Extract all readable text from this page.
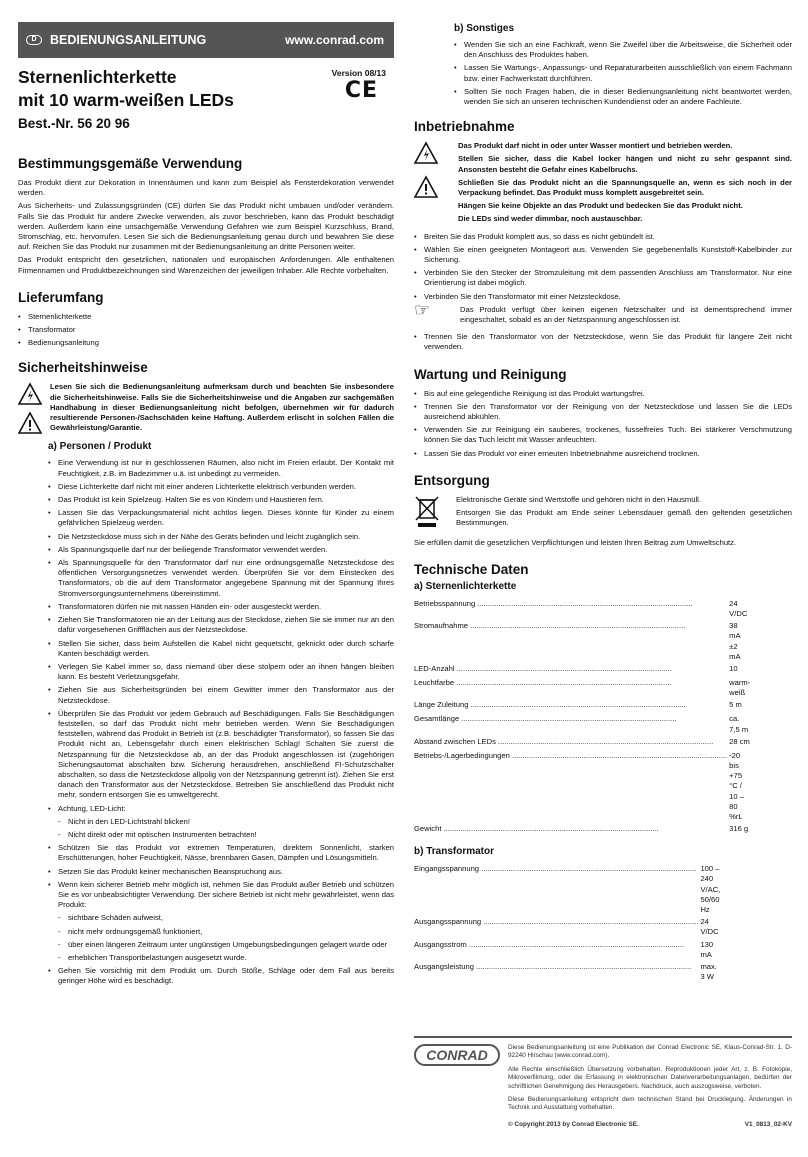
D	BEDIENUNGSANLEITUNG	www.conrad.com
Sternenlichterkette
mit 10 warm-weißen LEDs
Best.-Nr. 56 20 96
Version 08/13
CE
Bestimmungsgemäße Verwendung

Das Produkt dient zur Dekoration in Innenräumen und kann zum Beispiel als Fensterdekoration verwendet werden.

Aus Sicherheits- und Zulassungsgründen (CE) dürfen Sie das Produkt nicht umbauen und/oder verändern. Falls Sie das Produkt für andere Zwecke verwenden, als zuvor beschrieben, kann das Produkt beschädigt werden. Außerdem kann eine unsachgemäße Verwendung Gefahren wie zum Beispiel Kurzschluss, Brand, Stromschlag, etc. hervorrufen. Lesen Sie sich die Bedienungsanleitung genau durch und bewahren Sie diese auf. Reichen Sie das Produkt nur zusammen mit der Bedienungsanleitung an dritte Personen weiter.

Das Produkt entspricht den gesetzlichen, nationalen und europäischen Anforderungen. Alle enthaltenen Firmennamen und Produktbezeichnungen sind Warenzeichen der jeweiligen Inhaber. Alle Rechte vorbehalten.

Lieferumfang
• Sternenlichterkette
• Transformator
• Bedienungsanleitung
Sicherheitshinweise

Lesen Sie sich die Bedienungsanleitung aufmerksam durch und beachten Sie insbesondere die Sicherheitshinweise. Falls Sie die Sicherheitshinweise und die Angaben zur sachgemäßen Handhabung in dieser Bedienungsanleitung nicht befolgen, übernehmen wir für dadurch resultierende Personen-/Sachschäden keine Haftung. Außerdem erlischt in solchen Fällen die Gewährleistung/Garantie.

a) Personen / Produkt
• Eine Verwendung ist nur in geschlossenen Räumen, also nicht im Freien erlaubt. Der Kontakt mit Feuchtigkeit, z.B. im Badezimmer u.ä. ist unbedingt zu vermeiden.
• Diese Lichterkette darf nicht mit einer anderen Lichterkette elektrisch verbunden werden.
• Das Produkt ist kein Spielzeug. Halten Sie es von Kindern und Haustieren fern.
• Lassen Sie das Verpackungsmaterial nicht achtlos liegen. Dieses könnte für Kinder zu einem gefährlichen Spielzeug werden.
• Die Netzsteckdose muss sich in der Nähe des Geräts befinden und leicht zugänglich sein.
• Als Spannungsquelle darf nur der beiliegende Transformator verwendet werden.
• Als Spannungsquelle für den Transformator darf nur eine ordnungsgemäße Netzsteckdose des öffentlichen Versorgungsnetzes verwendet werden. Überprüfen Sie vor dem Einstecken des Transformators, ob die auf dem Transformator angegebene Spannung mit der Spannung Ihres Stromversorgungsunternehmens übereinstimmt.
• Transformatoren dürfen nie mit nassen Händen ein- oder ausgesteckt werden.
• Ziehen Sie Transformatoren nie an der Leitung aus der Steckdose, ziehen Sie sie immer nur an den dafür vorgesehenen Griffflächen aus der Netzsteckdose.
• Stellen Sie sicher, dass beim Aufstellen die Kabel nicht gequetscht, geknickt oder durch scharfe Kanten beschädigt werden.
• Verlegen Sie Kabel immer so, dass niemand über diese stolpern oder an ihnen hängen bleiben kann. Es besteht Verletzungsgefahr.
• Ziehen Sie aus Sicherheitsgründen bei einem Gewitter immer den Transformator aus der Netzsteckdose.
• Überprüfen Sie das Produkt vor jedem Gebrauch auf Beschädigungen. Falls Sie Beschädigungen feststellen, so darf das Produkt nicht mehr betrieben werden. Wenn Sie Beschädigungen feststellen, während das Produkt in Betrieb ist (z.B. beschädigter Transformator), so fassen Sie das Produkt nicht an, Lebensgefahr durch einen elektrischen Schlag! Schalten Sie zuerst die Netzspannung für die Netzsteckdose ab, an der das Produkt angeschlossen ist (zugehörigen Sicherungsautomat abschalten bzw. Sicherung herausdrehen, anschließend FI-Schutzschalter abschalten, so dass die Netzsteckdose allpolig von der Netzspannung getrennt ist). Ziehen Sie erst danach den Transformator aus der Netzsteckdose. Betreiben Sie anschließend das Produkt nicht mehr, sondern entsorgen Sie es umweltgerecht.
• Achtung, LED-Licht:
- Nicht in den LED-Lichtstrahl blicken!
- Nicht direkt oder mit optischen Instrumenten betrachten!
• Schützen Sie das Produkt vor extremen Temperaturen, direktem Sonnenlicht, starken Erschütterungen, hoher Feuchtigkeit, Nässe, brennbaren Gasen, Dämpfen und Lösungsmitteln.
• Setzen Sie das Produkt keiner mechanischen Beanspruchung aus.
• Wenn kein sicherer Betrieb mehr möglich ist, nehmen Sie das Produkt außer Betrieb und schützen Sie es vor unbeabsichtigter Verwendung. Der sichere Betrieb ist nicht mehr gewährleistet, wenn das Produkt:
- sichtbare Schäden aufweist,
- nicht mehr ordnungsgemäß funktioniert,
- über einen längeren Zeitraum unter ungünstigen Umgebungsbedingungen gelagert wurde oder
- erheblichen Transportbelastungen ausgesetzt wurde.
• Gehen Sie vorsichtig mit dem Produkt um. Durch Stöße, Schläge oder dem Fall aus bereits geringer Höhe wird es beschädigt.
b) Sonstiges
• Wenden Sie sich an eine Fachkraft, wenn Sie Zweifel über die Arbeitsweise, die Sicherheit oder den Anschluss des Produktes haben.
• Lassen Sie Wartungs-, Anpassungs- und Reparaturarbeiten ausschließlich von einem Fachmann bzw. einer Fachwerkstatt durchführen.
• Sollten Sie noch Fragen haben, die in dieser Bedienungsanleitung nicht beantwortet werden, wenden Sie sich an unseren technischen Kundendienst oder an andere Fachleute.
Inbetriebnahme

Das Produkt darf nicht in oder unter Wasser montiert und betrieben werden.

Stellen Sie sicher, dass die Kabel locker hängen und nicht zu sehr gespannt sind. Ansonsten besteht die Gefahr eines Kabelbruchs.

Schließen Sie das Produkt nicht an die Spannungsquelle an, wenn es sich noch in der Verpackung befindet. Das Produkt muss komplett ausgebreitet sein.

Hängen Sie keine Objekte an das Produkt und bedecken Sie das Produkt nicht.

Die LEDs sind weder dimmbar, noch austauschbar.

• Breiten Sie das Produkt komplett aus, so dass es nicht gebündelt ist.
• Wählen Sie einen geeigneten Montageort aus. Verwenden Sie gegebenenfalls Kunststoff-Kabelbinder zur Sicherung.
• Verbinden Sie den Stecker der Stromzuleitung mit dem passenden Anschluss am Transformator. Nur eine Orientierung ist dabei möglich.
• Verbinden Sie den Transformator mit einer Netzsteckdose.
☞	Das Produkt verfügt über keinen eigenen Netzschalter und ist dementsprechend immer eingeschaltet, sobald es an der Netzspannung angeschlossen ist.

• Trennen Sie den Transformator von der Netzsteckdose, wenn Sie das Produkt für längere Zeit nicht verwenden.
Wartung und Reinigung
• Bis auf eine gelegentliche Reinigung ist das Produkt wartungsfrei.
• Trennen Sie den Transformator vor der Reinigung von der Netzsteckdose und lassen Sie die LEDs ausreichend abkühlen.
• Verwenden Sie zur Reinigung ein sauberes, trockenes, fusselfreies Tuch. Bei stärkerer Verschmutzung können Sie das Tuch leicht mit Wasser anfeuchten.
• Lassen Sie das Produkt vor einer erneuten Inbetriebnahme ausreichend trocknen.
Entsorgung

Elektronische Geräte sind Wertstoffe und gehören nicht in den Hausmüll.

Entsorgen Sie das Produkt am Ende seiner Lebensdauer gemäß den geltenden gesetzlichen Bestimmungen.

Sie erfüllen damit die gesetzlichen Verpflichtungen und leisten Ihren Beitrag zum Umweltschutz.

Technische Daten
a) Sternenlichterkette
Betriebsspannung .....	24 V/DC
Stromaufnahme .....	38 mA ±2 mA
LED-Anzahl .....	10
Leuchtfarbe .....	warm-weiß
Länge Zuleitung .....	5 m
Gesamtlänge .....	ca. 7,5 m
Abstand zwischen LEDs .....	28 cm
Betriebs-/Lagerbedingungen .....	-20 bis +75 °C / 10 – 80 %rL
Gewicht .....	316 g
b) Transformator
Eingangsspannung .....	100 – 240 V/AC, 50/60 Hz
Ausgangsspannung .....	24 V/DC
Ausgangsstrom .....	130 mA
Ausgangsleistung .....	max. 3 W
CONRAD	Diese Bedienungsanleitung ist eine Publikation der Conrad Electronic SE, Klaus-Conrad-Str. 1, D-92240 Hirschau (www.conrad.com).

Alle Rechte einschließlich Übersetzung vorbehalten. Reproduktionen jeder Art, z. B. Fotokopie, Mikroverfilmung, oder die Erfassung in elektronischen Datenverarbeitungsanlagen, bedürfen der schriftlichen Genehmigung des Herausgebers. Nachdruck, auch auszugsweise, verboten.

Diese Bedienungsanleitung entspricht dem technischen Stand bei Drucklegung. Änderungen in Technik und Ausstattung vorbehalten.

© Copyright 2013 by Conrad Electronic SE.	V1_0813_02-KV
